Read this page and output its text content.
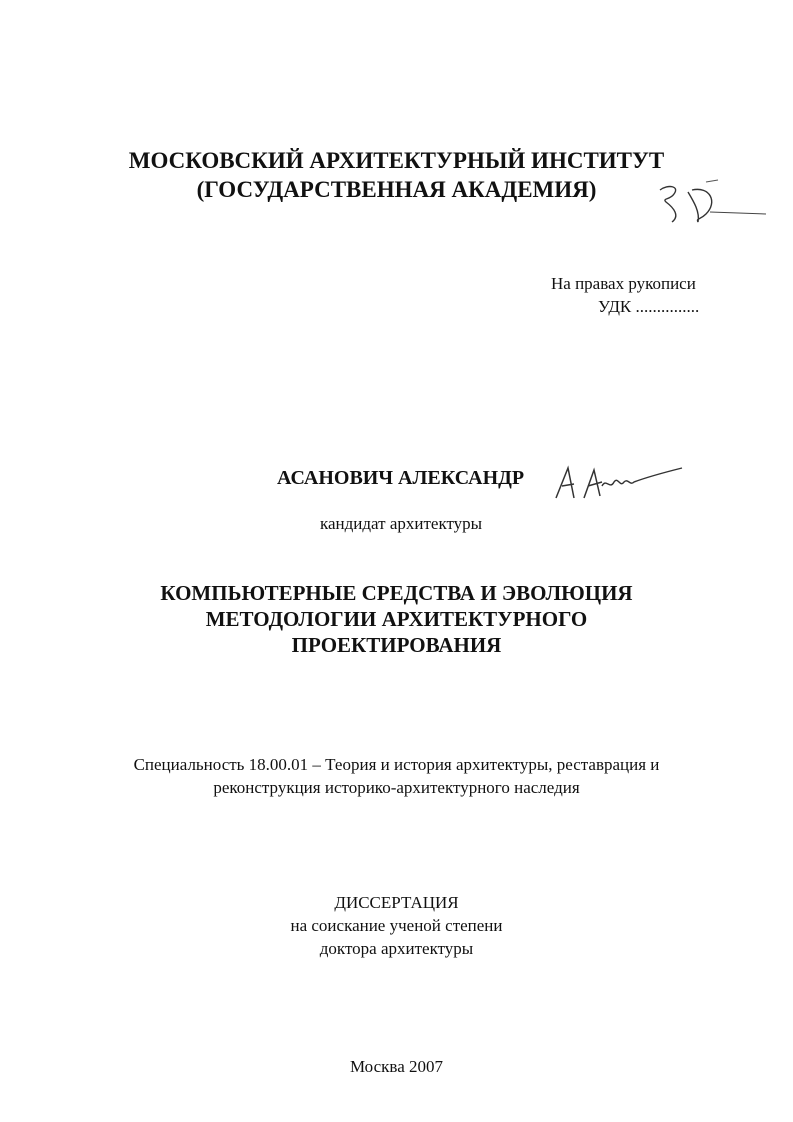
МОСКОВСКИЙ АРХИТЕКТУРНЫЙ ИНСТИТУТ
(ГОСУДАРСТВЕННАЯ АКАДЕМИЯ)
На правах рукописи
УДК ...............
АСАНОВИЧ АЛЕКСАНДР
кандидат архитектуры
КОМПЬЮТЕРНЫЕ СРЕДСТВА И ЭВОЛЮЦИЯ
МЕТОДОЛОГИИ АРХИТЕКТУРНОГО
ПРОЕКТИРОВАНИЯ
Специальность 18.00.01 – Теория и история архитектуры, реставрация и
реконструкция историко-архитектурного наследия
ДИССЕРТАЦИЯ
на соискание ученой степени
доктора архитектуры
Москва 2007
